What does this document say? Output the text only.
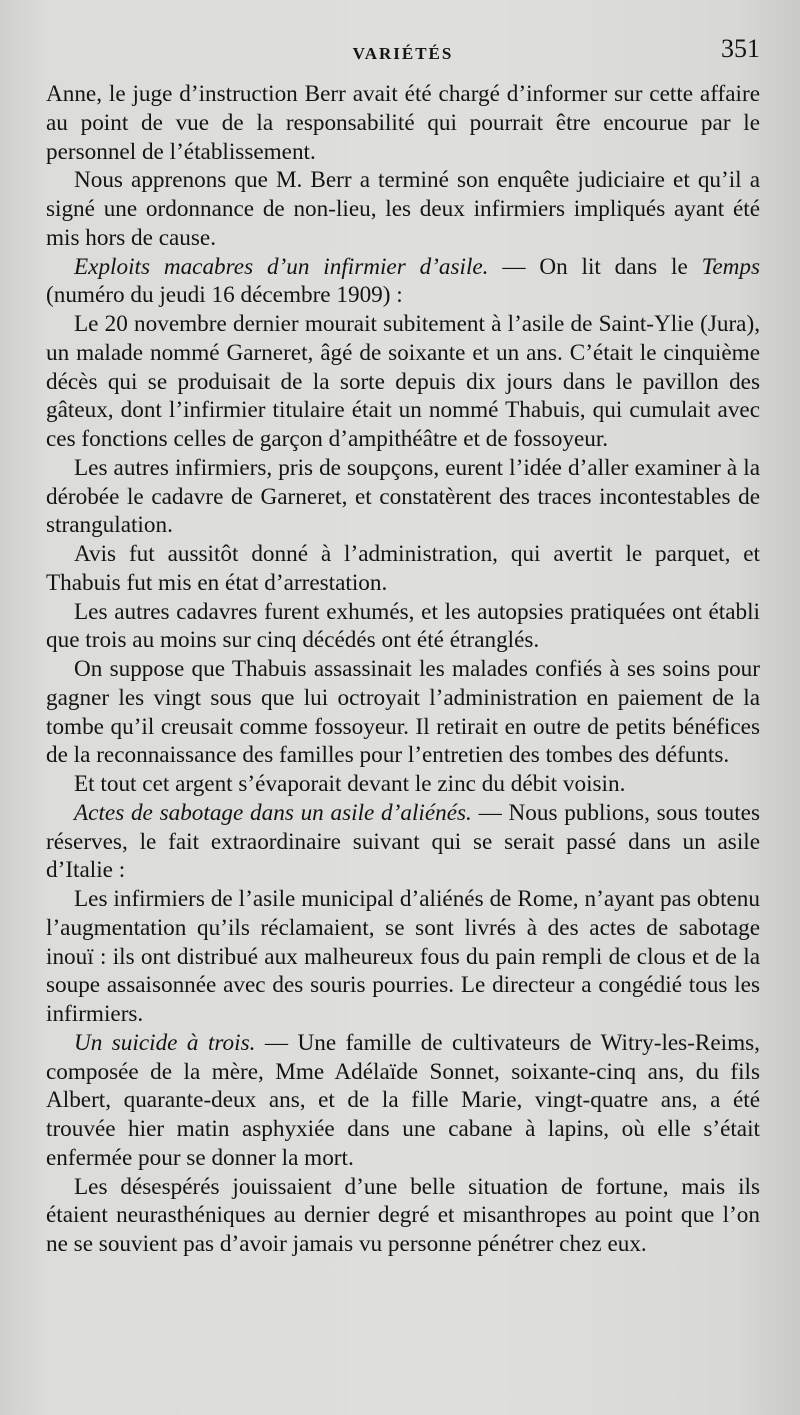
VARIÉTÉS	351

Anne, le juge d’instruction Berr avait été chargé d’informer sur cette affaire au point de vue de la responsabilité qui pourrait être encourue par le personnel de l’établissement.

Nous apprenons que M. Berr a terminé son enquête judiciaire et qu’il a signé une ordonnance de non-lieu, les deux infirmiers impliqués ayant été mis hors de cause.

Exploits macabres d’un infirmier d’asile. — On lit dans le Temps (numéro du jeudi 16 décembre 1909) :

Le 20 novembre dernier mourait subitement à l’asile de Saint-Ylie (Jura), un malade nommé Garneret, âgé de soixante et un ans. C’était le cinquième décès qui se produisait de la sorte depuis dix jours dans le pavillon des gâteux, dont l’infirmier titulaire était un nommé Thabuis, qui cumulait avec ces fonctions celles de garçon d’ampithéâtre et de fossoyeur.

Les autres infirmiers, pris de soupçons, eurent l’idée d’aller examiner à la dérobée le cadavre de Garneret, et constatèrent des traces incontestables de strangulation.

Avis fut aussitôt donné à l’administration, qui avertit le parquet, et Thabuis fut mis en état d’arrestation.

Les autres cadavres furent exhumés, et les autopsies pratiquées ont établi que trois au moins sur cinq décédés ont été étranglés.

On suppose que Thabuis assassinait les malades confiés à ses soins pour gagner les vingt sous que lui octroyait l’administration en paiement de la tombe qu’il creusait comme fossoyeur. Il retirait en outre de petits bénéfices de la reconnaissance des familles pour l’entretien des tombes des défunts.

Et tout cet argent s’évaporait devant le zinc du débit voisin.

Actes de sabotage dans un asile d’aliénés. — Nous publions, sous toutes réserves, le fait extraordinaire suivant qui se serait passé dans un asile d’Italie :

Les infirmiers de l’asile municipal d’aliénés de Rome, n’ayant pas obtenu l’augmentation qu’ils réclamaient, se sont livrés à des actes de sabotage inouï : ils ont distribué aux malheureux fous du pain rempli de clous et de la soupe assaisonnée avec des souris pourries. Le directeur a congédié tous les infirmiers.

Un suicide à trois. — Une famille de cultivateurs de Witry-les-Reims, composée de la mère, Mme Adélaïde Sonnet, soixante-cinq ans, du fils Albert, quarante-deux ans, et de la fille Marie, vingt-quatre ans, a été trouvée hier matin asphyxiée dans une cabane à lapins, où elle s’était enfermée pour se donner la mort.

Les désespérés jouissaient d’une belle situation de fortune, mais ils étaient neurasthéniques au dernier degré et misanthropes au point que l’on ne se souvient pas d’avoir jamais vu personne pénétrer chez eux.
